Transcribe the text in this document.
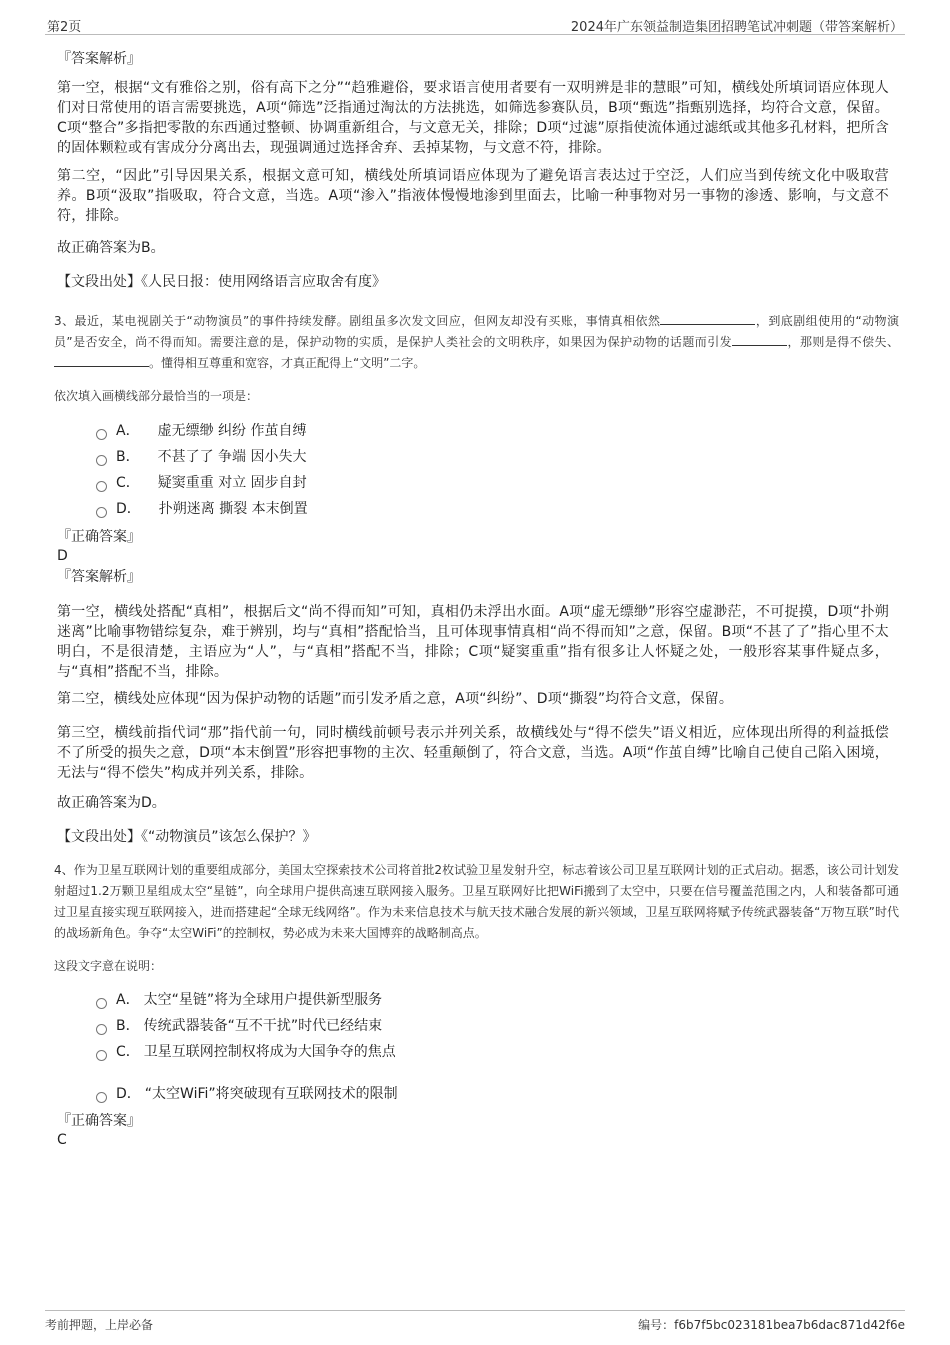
第2页	2024年广东领益制造集团招聘笔试冲刺题（带答案解析）
『答案解析』
第一空，根据“文有雅俗之别，俗有高下之分”“趋雅避俗，要求语言使用者要有一双明辨是非的慧眼”可知，横线处所填词语应体现人们对日常使用的语言需要挑选，A项“筛选”泛指通过淘汰的方法挑选，如筛选参赛队员，B项“甄选”指甄别选择，均符合文意，保留。C项“整合”多指把零散的东西通过整顿、协调重新组合，与文意无关，排除；D项“过滤”原指使流体通过滤纸或其他多孔材料，把所含的固体颗粒或有害成分分离出去，现强调通过选择舍弃、丢掉某物，与文意不符，排除。
第二空，“因此”引导因果关系，根据文意可知，横线处所填词语应体现为了避免语言表达过于空泛，人们应当到传统文化中吸取营养。B项“汲取”指吸取，符合文意，当选。A项“渗入”指液体慢慢地渗到里面去，比喻一种事物对另一事物的渗透、影响，与文意不符，排除。
故正确答案为B。
【文段出处】《人民日报：使用网络语言应取舍有度》
3、最近，某电视剧关于“动物演员”的事件持续发酵。剧组虽多次发文回应，但网友却没有买账，事情真相依然	，到底剧组使用的“动物演员”是否安全，尚不得而知。需要注意的是，保护动物的实质，是保护人类社会的文明秩序，如果因为保护动物的话题而引发	，那则是得不偿失、。懂得相互尊重和宽容，才真正配得上“文明”二字。
依次填入画横线部分最恰当的一项是：
A． 虚无缥缈 纠纷 作茧自缚
B． 不甚了了 争端 因小失大
C． 疑窦重重 对立 固步自封
D． 扑朔迷离 撕裂 本末倒置
『正确答案』
D
『答案解析』
第一空，横线处搭配“真相”，根据后文“尚不得而知”可知，真相仍未浮出水面。A项“虚无缥缈”形容空虚渺茫，不可捉摸，D项“扑朔迷离”比喻事物错综复杂，难于辨别，均与“真相”搭配恰当，且可体现事情真相“尚不得而知”之意，保留。B项“不甚了了”指心里不太明白，不是很清楚，主语应为“人”，与“真相”搭配不当，排除；C项“疑窦重重”指有很多让人怀疑之处，一般形容某事件疑点多，与“真相”搭配不当，排除。
第二空，横线处应体现“因为保护动物的话题”而引发矛盾之意，A项“纠纷”、D项“撕裂”均符合文意，保留。
第三空，横线前指代词“那”指代前一句，同时横线前顿号表示并列关系，故横线处与“得不偿失”语义相近，应体现出所得的利益抵偿不了所受的损失之意，D项“本末倒置”形容把事物的主次、轻重颠倒了，符合文意，当选。A项“作茧自缚”比喻自己使自己陷入困境，无法与“得不偿失”构成并列关系，排除。
故正确答案为D。
【文段出处】《“动物演员”该怎么保护？》
4、作为卫星互联网计划的重要组成部分，美国太空探索技术公司将首批2枚试验卫星发射升空，标志着该公司卫星互联网计划的正式启动。据悉，该公司计划发射超过1.2万颗卫星组成太空“星链”，向全球用户提供高速互联网接入服务。卫星互联网好比把WiFi搬到了太空中，只要在信号覆盖范围之内，人和装备都可通过卫星直接实现互联网接入，进而搭建起“全球无线网络”。作为未来信息技术与航天技术融合发展的新兴领域，卫星互联网将赋予传统武器装备“万物互联”时代的战场新角色。争夺“太空WiFi”的控制权，势必成为未来大国博弈的战略制高点。
这段文字意在说明：
A． 太空“星链”将为全球用户提供新型服务
B． 传统武器装备“互不干扰”时代已经结束
C． 卫星互联网控制权将成为大国争夺的焦点
D． “太空WiFi”将突破现有互联网技术的限制
『正确答案』
C
考前押题，上岸必备	编号：f6b7f5bc023181bea7b6dac871d42f6e
